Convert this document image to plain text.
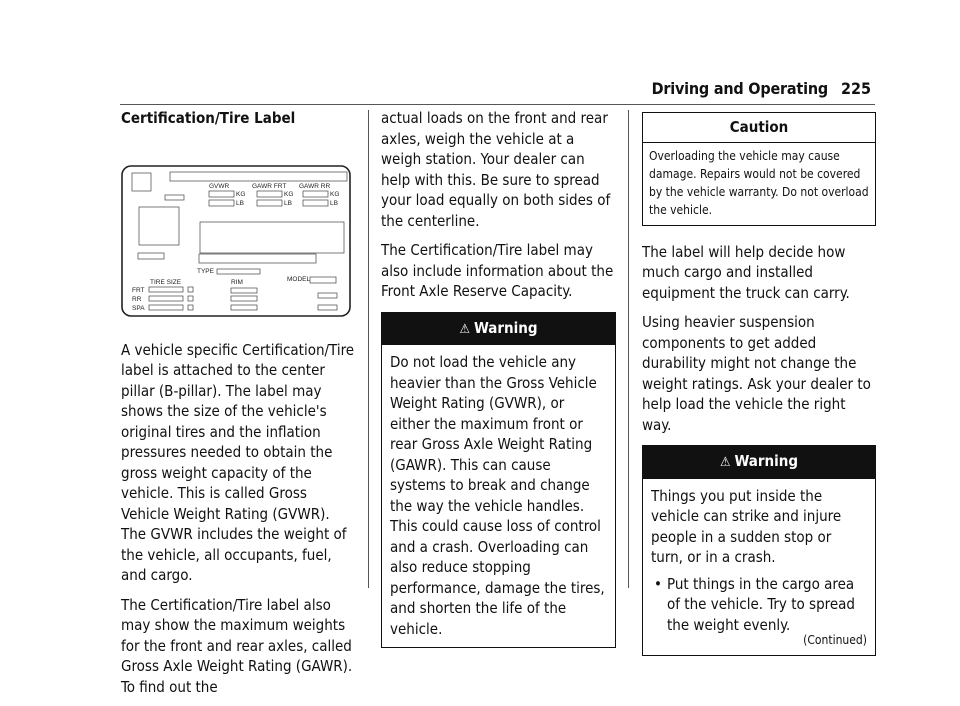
Driving and Operating 225
Certification/Tire Label
GVWR	GAWR FRT GAWR RR
KG
LB
KG
LB
KG
LB
TYPE
TIRE SIZE	RIM	MODEL
FRT
RR
SPA

A vehicle specific Certification/Tire label is attached to the center pillar (B-pillar). The label may shows the size of the vehicle's original tires and the inflation pressures needed to obtain the gross weight capacity of the vehicle. This is called Gross Vehicle Weight Rating (GVWR). The GVWR includes the weight of the vehicle, all occupants, fuel, and cargo.

The Certification/Tire label also may show the maximum weights for the front and rear axles, called Gross Axle Weight Rating (GAWR). To find out the

actual loads on the front and rear axles, weigh the vehicle at a weigh station. Your dealer can help with this. Be sure to spread your load equally on both sides of the centerline.

The Certification/Tire label may also include information about the Front Axle Reserve Capacity.

⚠ Warning
Do not load the vehicle any heavier than the Gross Vehicle Weight Rating (GVWR), or either the maximum front or rear Gross Axle Weight Rating (GAWR). This can cause systems to break and change the way the vehicle handles. This could cause loss of control and a crash. Overloading can also reduce stopping performance, damage the tires, and shorten the life of the vehicle.
Caution
Overloading the vehicle may cause damage. Repairs would not be covered by the vehicle warranty. Do not overload the vehicle.

The label will help decide how much cargo and installed equipment the truck can carry.

Using heavier suspension components to get added durability might not change the weight ratings. Ask your dealer to help load the vehicle the right way.

⚠ Warning
Things you put inside the vehicle can strike and injure people in a sudden stop or turn, or in a crash.
• Put things in the cargo area of the vehicle. Try to spread the weight evenly.
(Continued)
